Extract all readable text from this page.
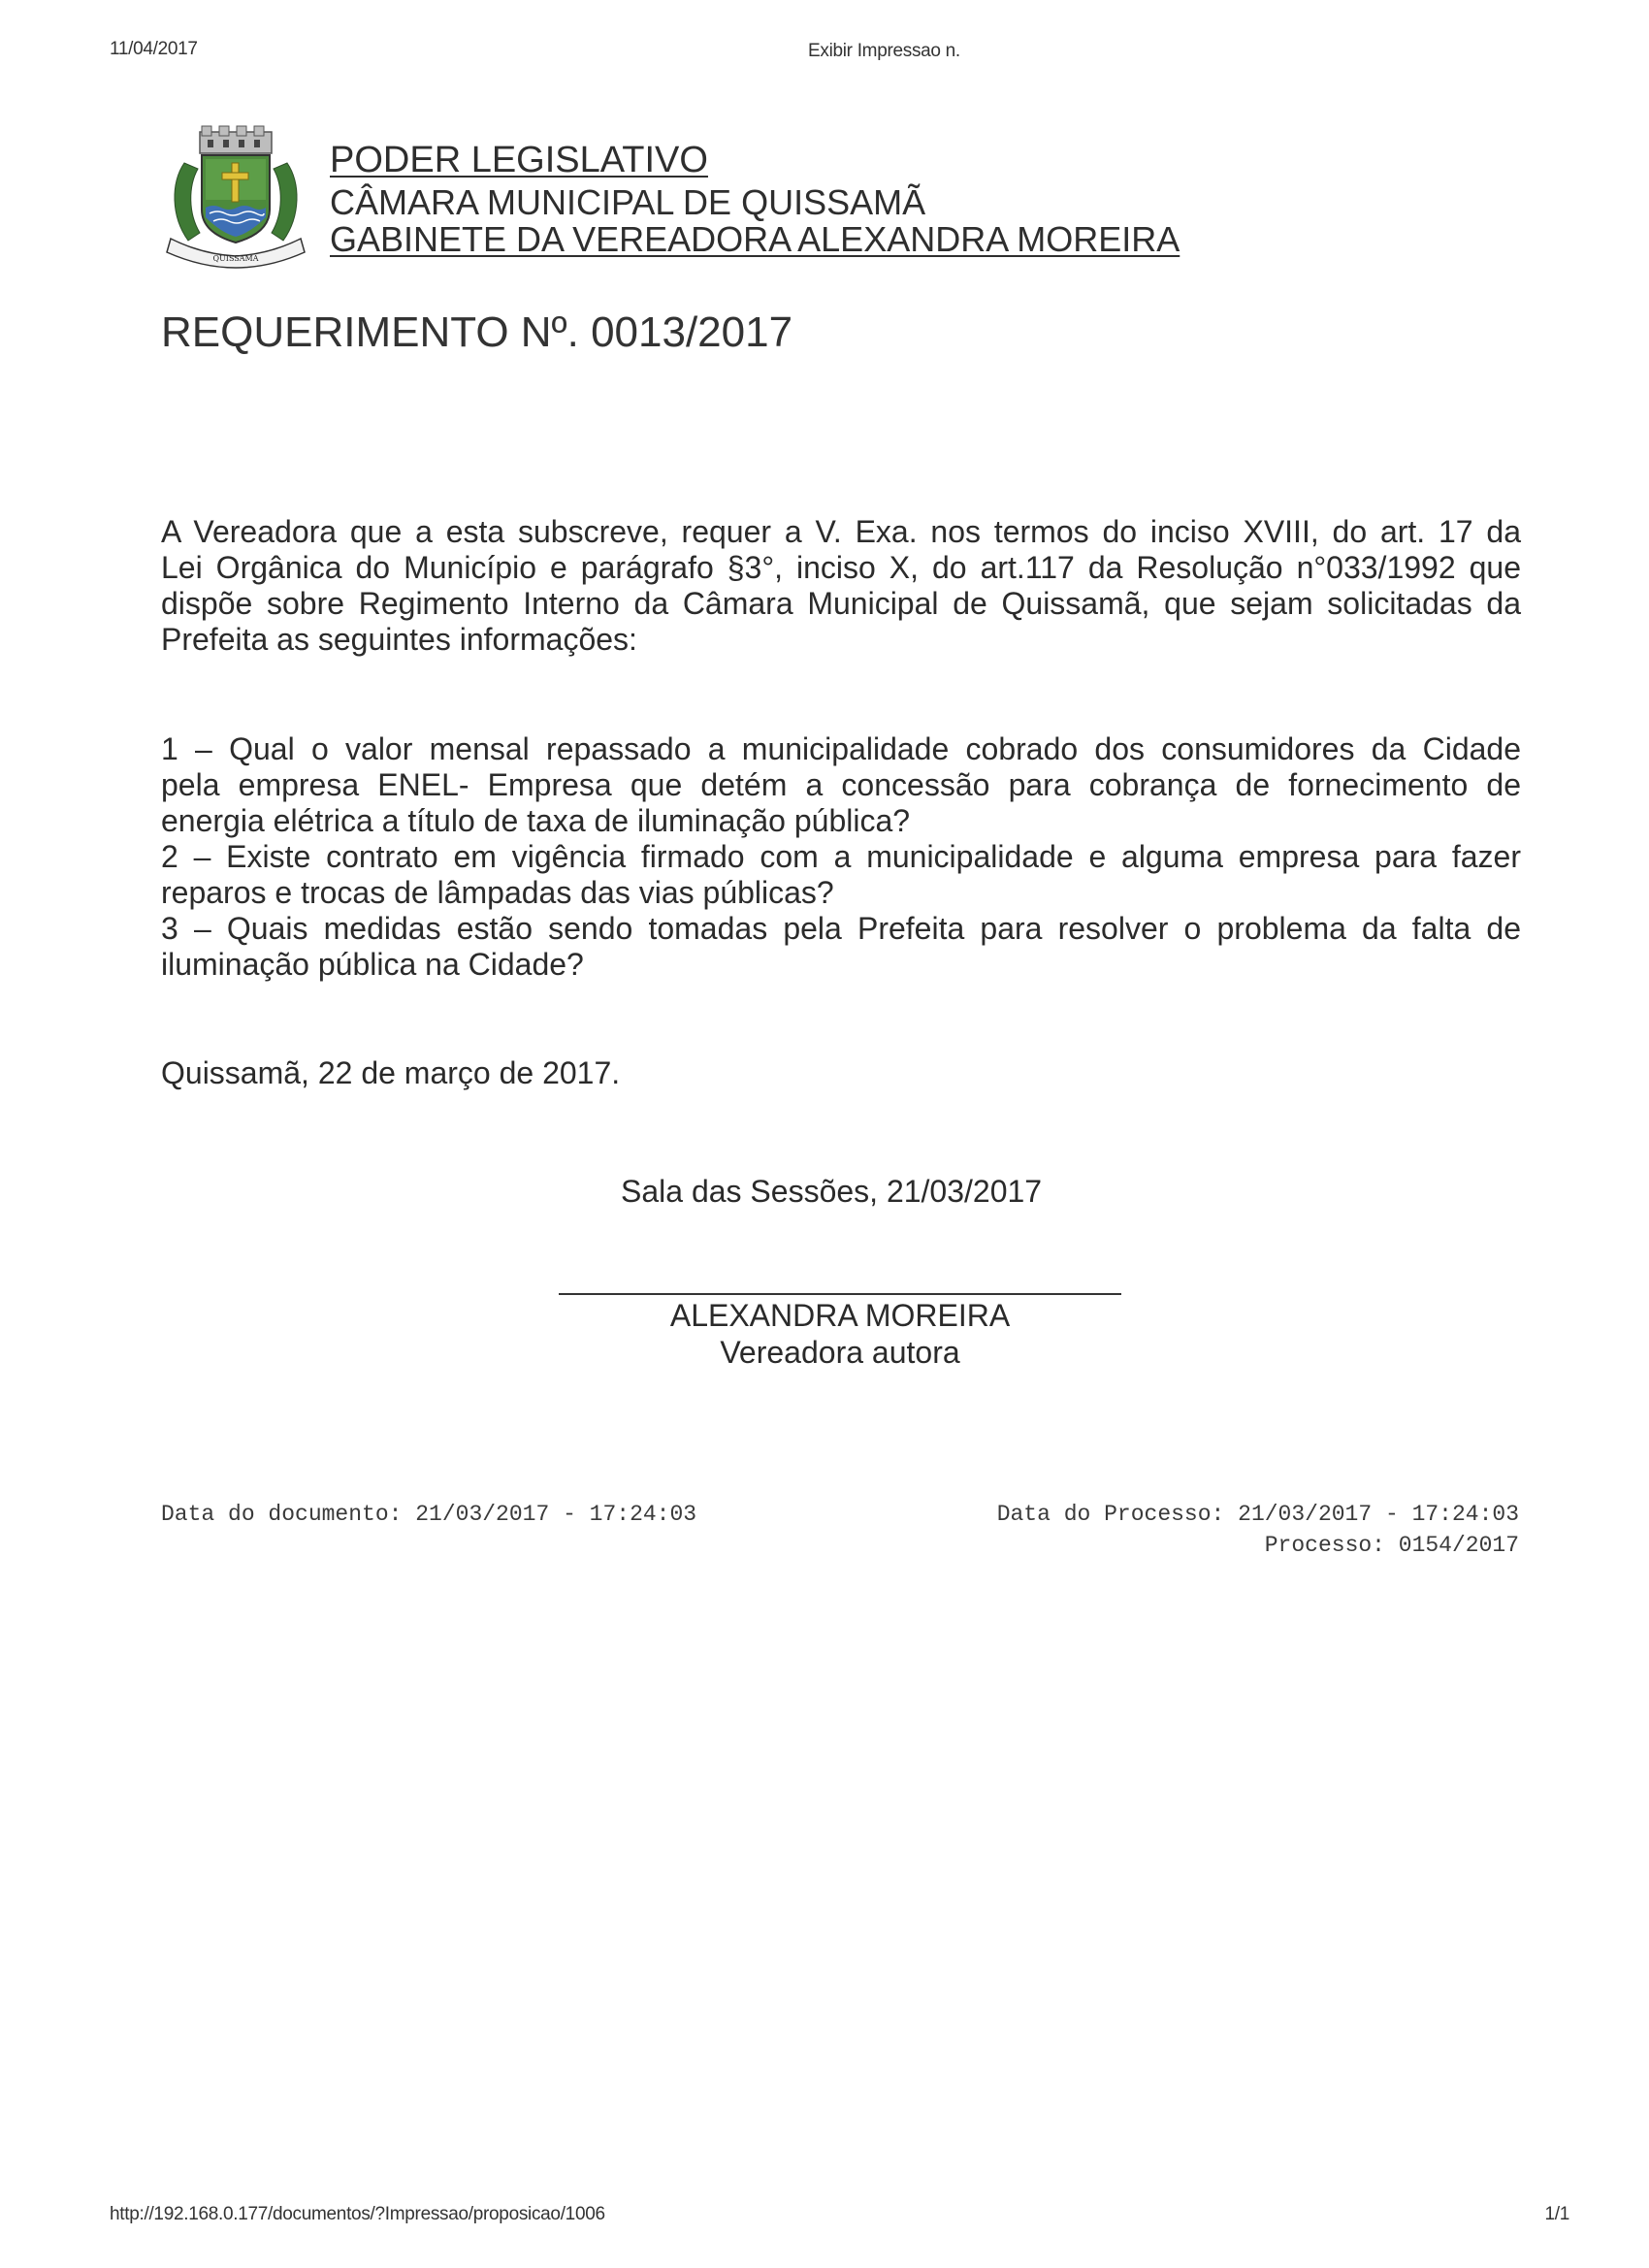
11/04/2017	Exibir Impressao n.
QUISSAMÃ
PODER LEGISLATIVO
CÂMARA MUNICIPAL DE QUISSAMÃ
GABINETE DA VEREADORA ALEXANDRA MOREIRA
REQUERIMENTO Nº. 0013/2017
A Vereadora que a esta subscreve, requer a V. Exa. nos termos do inciso XVIII, do art. 17 da
Lei Orgânica do Município e parágrafo §3°, inciso X, do art.117 da Resolução n°033/1992 que
dispõe sobre Regimento Interno da Câmara Municipal de Quissamã, que sejam solicitadas da
Prefeita as seguintes informações:
1 – Qual o valor mensal repassado a municipalidade cobrado dos consumidores da Cidade
pela empresa ENEL- Empresa que detém a concessão para cobrança de fornecimento de
energia elétrica a título de taxa de iluminação pública?
2 – Existe contrato em vigência firmado com a municipalidade e alguma empresa para fazer
reparos e trocas de lâmpadas das vias públicas?
3 – Quais medidas estão sendo tomadas pela Prefeita para resolver o problema da falta de
iluminação pública na Cidade?
Quissamã, 22 de março de 2017.
Sala das Sessões, 21/03/2017
ALEXANDRA MOREIRA
Vereadora autora
Data do documento: 21/03/2017 - 17:24:03	Data do Processo: 21/03/2017 - 17:24:03
Processo: 0154/2017
http://192.168.0.177/documentos/?Impressao/proposicao/1006	1/1
